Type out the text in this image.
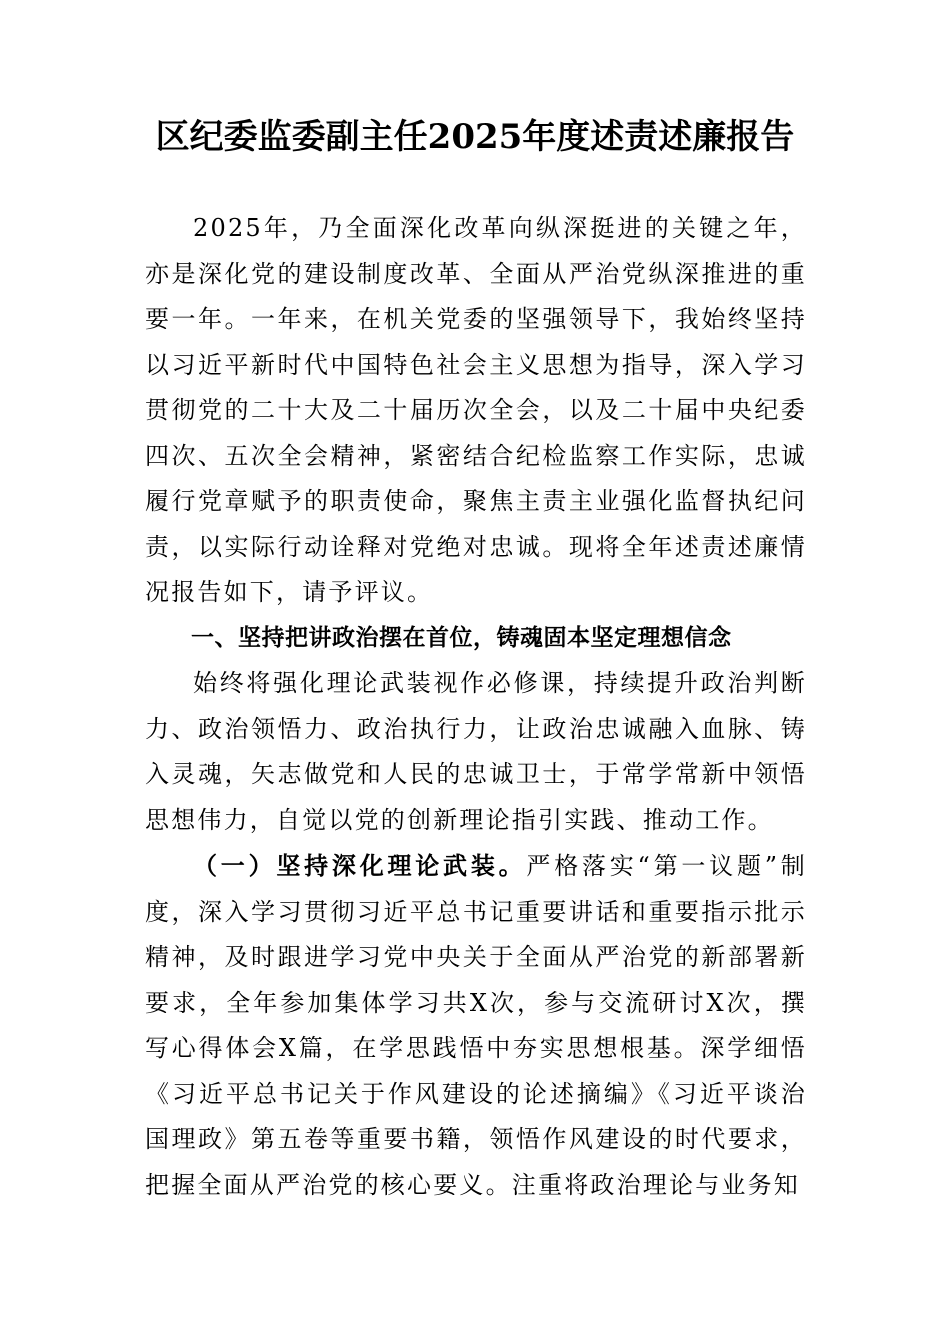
区纪委监委副主任2025年度述责述廉报告

2025年，乃全面深化改革向纵深挺进的关键之年，亦是深化党的建设制度改革、全面从严治党纵深推进的重要一年。一年来，在机关党委的坚强领导下，我始终坚持以习近平新时代中国特色社会主义思想为指导，深入学习贯彻党的二十大及二十届历次全会，以及二十届中央纪委四次、五次全会精神，紧密结合纪检监察工作实际，忠诚履行党章赋予的职责使命，聚焦主责主业强化监督执纪问责，以实际行动诠释对党绝对忠诚。现将全年述责述廉情况报告如下，请予评议。

一、坚持把讲政治摆在首位，铸魂固本坚定理想信念

始终将强化理论武装视作必修课，持续提升政治判断力、政治领悟力、政治执行力，让政治忠诚融入血脉、铸入灵魂，矢志做党和人民的忠诚卫士，于常学常新中领悟思想伟力，自觉以党的创新理论指引实践、推动工作。

（一）坚持深化理论武装。严格落实“第一议题”制度，深入学习贯彻习近平总书记重要讲话和重要指示批示精神，及时跟进学习党中央关于全面从严治党的新部署新要求，全年参加集体学习共X次，参与交流研讨X次，撰写心得体会X篇，在学思践悟中夯实思想根基。深学细悟《习近平总书记关于作风建设的论述摘编》《习近平谈治国理政》第五卷等重要书籍，领悟作风建设的时代要求，把握全面从严治党的核心要义。注重将政治理论与业务知
